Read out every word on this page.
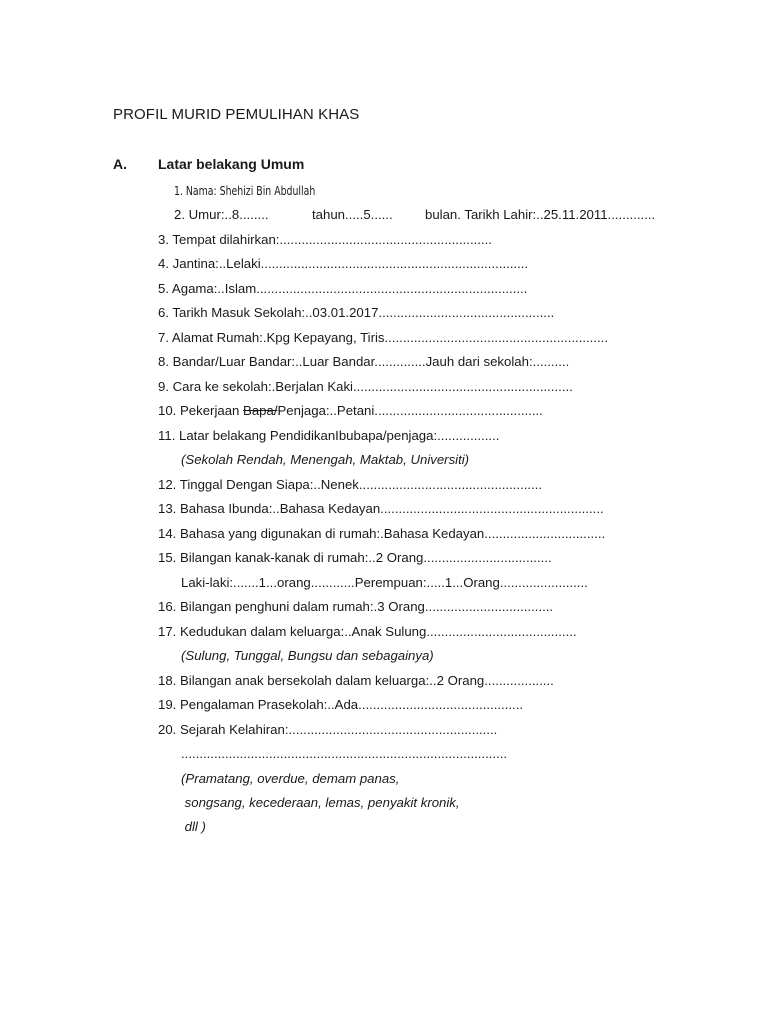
PROFIL MURID PEMULIHAN KHAS
A. Latar belakang Umum
1. Nama: Shehizi Bin Abdullah
2. Umur:..8........	tahun.....5...... bulan. Tarikh Lahir:..25.11.2011.............
3. Tempat dilahirkan:..........................................................
4. Jantina:..Lelaki.........................................................................
5. Agama:..Islam..........................................................................
6. Tarikh Masuk Sekolah:..03.01.2017................................................
7. Alamat Rumah:.Kpg Kepayang, Tiris.............................................................
8. Bandar/Luar Bandar:..Luar Bandar..............Jauh dari sekolah:..........
9. Cara ke sekolah:.Berjalan Kaki............................................................
10. Pekerjaan Bapa/Penjaga:..Petani..............................................
11. Latar belakang PendidikanIbubapa/penjaga:.................
(Sekolah Rendah, Menengah, Maktab, Universiti)
12. Tinggal Dengan Siapa:..Nenek..................................................
13. Bahasa Ibunda:..Bahasa Kedayan.............................................................
14. Bahasa yang digunakan di rumah:.Bahasa Kedayan.................................
15. Bilangan kanak-kanak di rumah:..2 Orang...................................
Laki-laki:.......1...orang............Perempuan:.....1...Orang........................
16. Bilangan penghuni dalam rumah:.3 Orang...................................
17. Kedudukan dalam keluarga:..Anak Sulung.........................................
(Sulung, Tunggal, Bungsu dan sebagainya)
18. Bilangan anak bersekolah dalam keluarga:..2 Orang...................
19. Pengalaman Prasekolah:..Ada.............................................
20. Sejarah Kelahiran:.........................................................
.........................................................................................
(Pramatang, overdue, demam panas,
songsang, kecederaan, lemas, penyakit kronik,
dll )
